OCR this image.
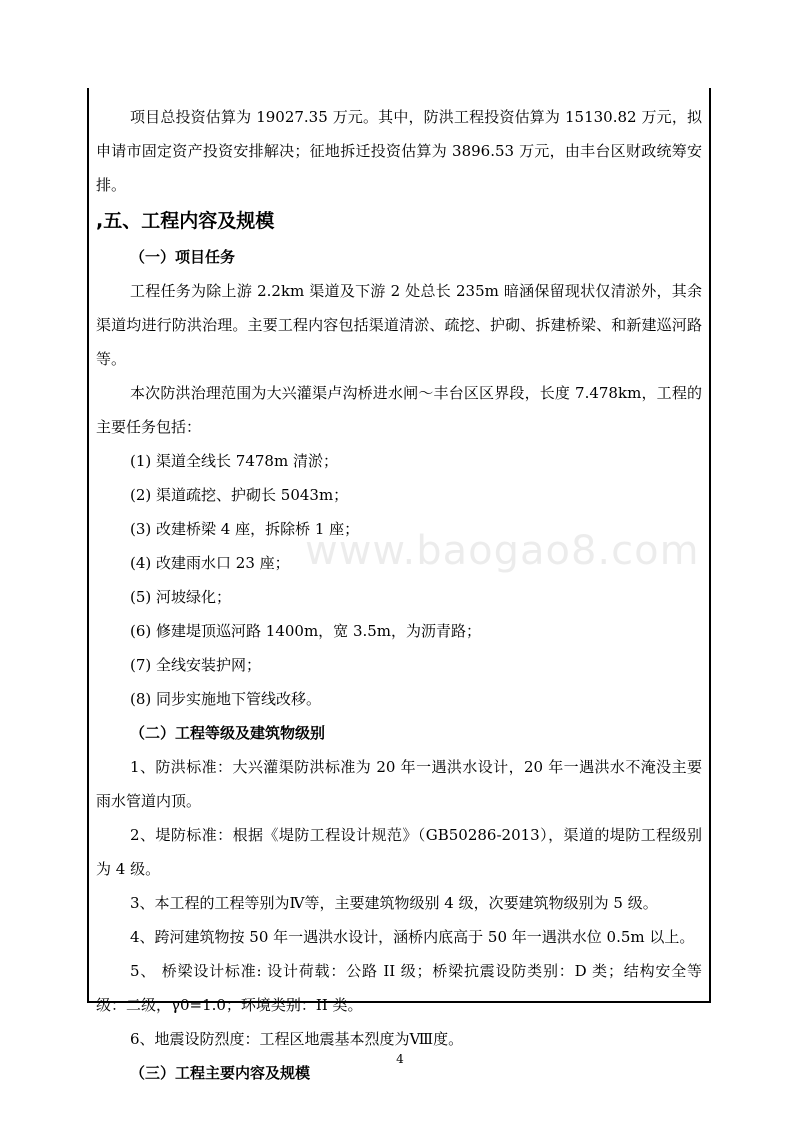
项目总投资估算为 19027.35 万元。其中，防洪工程投资估算为 15130.82 万元，拟申请市固定资产投资安排解决；征地拆迁投资估算为 3896.53 万元，由丰台区财政统筹安排。

,五、工程内容及规模

（一）项目任务

工程任务为除上游 2.2km 渠道及下游 2 处总长 235m 暗涵保留现状仅清淤外，其余渠道均进行防洪治理。主要工程内容包括渠道清淤、疏挖、护砌、拆建桥梁、和新建巡河路等。

本次防洪治理范围为大兴灌渠卢沟桥进水闸～丰台区区界段，长度 7.478km，工程的主要任务包括：

(1) 渠道全线长 7478m 清淤；

(2) 渠道疏挖、护砌长 5043m；

(3) 改建桥梁 4 座，拆除桥 1 座；

(4) 改建雨水口 23 座；

(5) 河坡绿化；

(6) 修建堤顶巡河路 1400m，宽 3.5m，为沥青路；

(7) 全线安装护网；

(8) 同步实施地下管线改移。

（二）工程等级及建筑物级别

1、防洪标准：大兴灌渠防洪标准为 20 年一遇洪水设计，20 年一遇洪水不淹没主要雨水管道内顶。

2、堤防标准：根据《堤防工程设计规范》（GB50286-2013），渠道的堤防工程级别为 4 级。

3、本工程的工程等别为Ⅳ等，主要建筑物级别 4 级，次要建筑物级别为 5 级。

4、跨河建筑物按 50 年一遇洪水设计，涵桥内底高于 50 年一遇洪水位 0.5m 以上。

5、 桥梁设计标准: 设计荷载：公路 II 级；桥梁抗震设防类别：D 类；结构安全等级：二级，γ0=1.0；环境类别：II 类。

6、地震设防烈度：工程区地震基本烈度为Ⅷ度。

（三）工程主要内容及规模

www.baogao8.com
4
